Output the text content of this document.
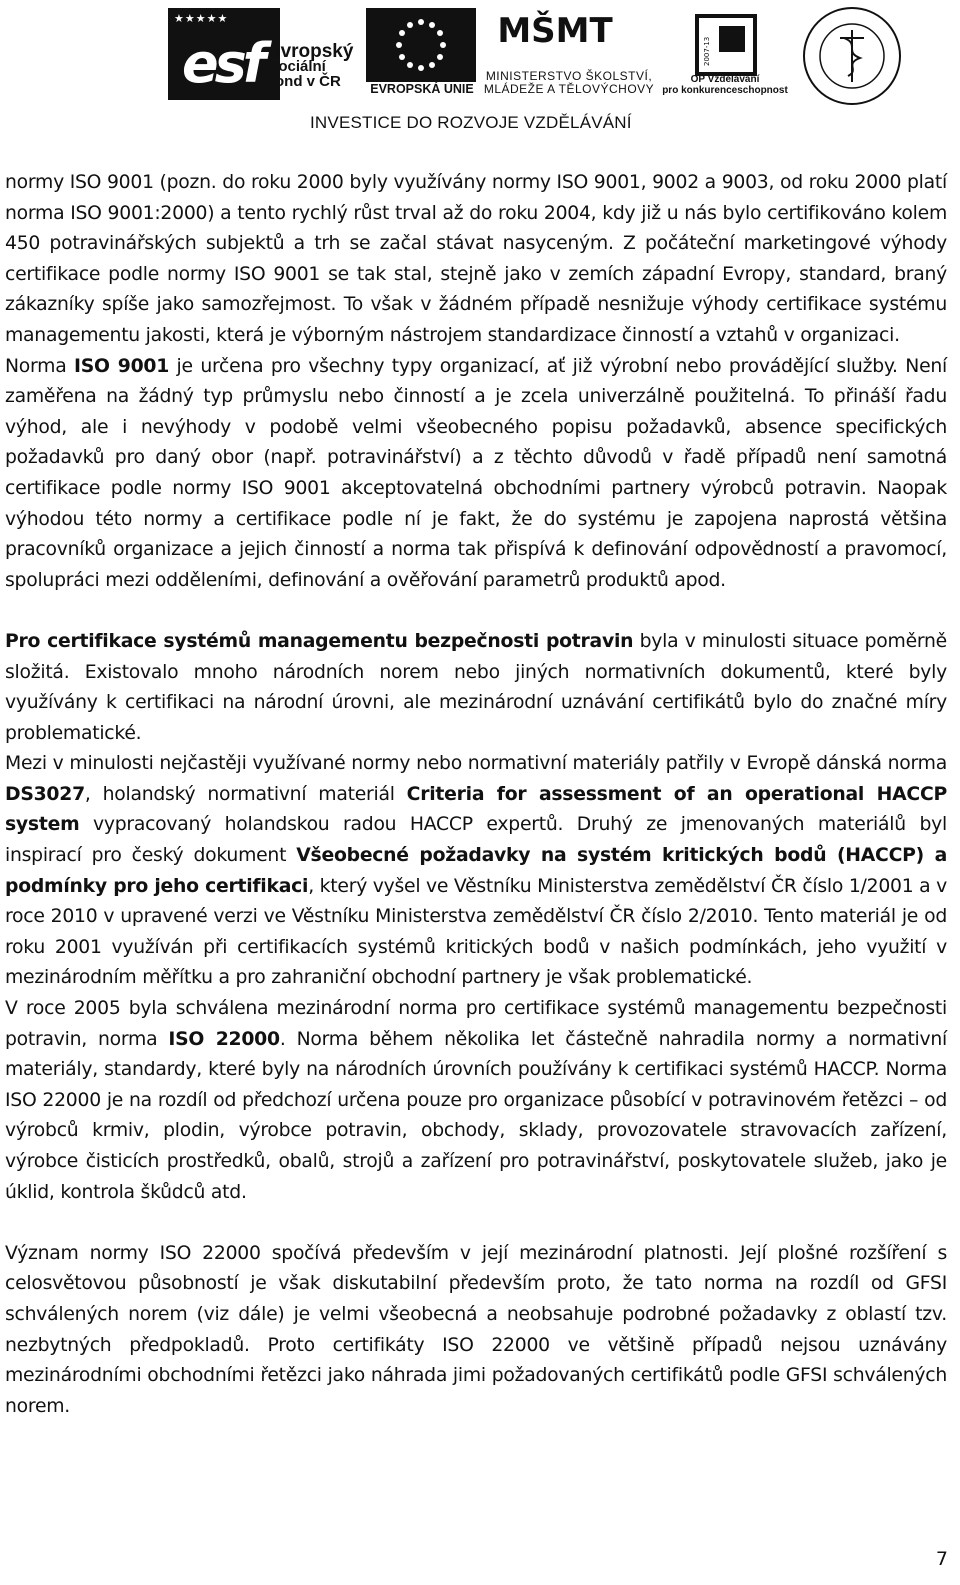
★★★★★
esf evropský
sociální
fond v ČR	EVROPSKÁ UNIE
MŠMT
MINISTERSTVO ŠKOLSTVÍ,
MLÁDEŽE A TĚLOVÝCHOVY
2007-13
OP Vzdělávání
pro konkurenceschopnost
INVESTICE DO ROZVOJE VZDĚLÁVÁNÍ

normy ISO 9001 (pozn. do roku 2000 byly využívány normy ISO 9001, 9002 a 9003, od roku 2000 platí norma ISO 9001:2000) a tento rychlý růst trval až do roku 2004, kdy již u nás bylo certifikováno kolem 450 potravinářských subjektů a trh se začal stávat nasyceným. Z počáteční marketingové výhody certifikace podle normy ISO 9001 se tak stal, stejně jako v zemích západní Evropy, standard, braný zákazníky spíše jako samozřejmost. To však v žádném případě nesnižuje výhody certifikace systému managementu jakosti, která je výborným nástrojem standardizace činností a vztahů v organizaci.

Norma ISO 9001 je určena pro všechny typy organizací, ať již výrobní nebo provádějící služby. Není zaměřena na žádný typ průmyslu nebo činností a je zcela univerzálně použitelná. To přináší řadu výhod, ale i nevýhody v podobě velmi všeobecného popisu požadavků, absence specifických požadavků pro daný obor (např. potravinářství) a z těchto důvodů v řadě případů není samotná certifikace podle normy ISO 9001 akceptovatelná obchodními partnery výrobců potravin. Naopak výhodou této normy a certifikace podle ní je fakt, že do systému je zapojena naprostá většina pracovníků organizace a jejich činností a norma tak přispívá k definování odpovědností a pravomocí, spolupráci mezi odděleními, definování a ověřování parametrů produktů apod.

Pro certifikace systémů managementu bezpečnosti potravin byla v minulosti situace poměrně složitá. Existovalo mnoho národních norem nebo jiných normativních dokumentů, které byly využívány k certifikaci na národní úrovni, ale mezinárodní uznávání certifikátů bylo do značné míry problematické.

Mezi v minulosti nejčastěji využívané normy nebo normativní materiály patřily v Evropě dánská norma DS3027, holandský normativní materiál Criteria for assessment of an operational HACCP system vypracovaný holandskou radou HACCP expertů. Druhý ze jmenovaných materiálů byl inspirací pro český dokument Všeobecné požadavky na systém kritických bodů (HACCP) a podmínky pro jeho certifikaci, který vyšel ve Věstníku Ministerstva zemědělství ČR číslo 1/2001 a v roce 2010 v upravené verzi ve Věstníku Ministerstva zemědělství ČR číslo 2/2010. Tento materiál je od roku 2001 využíván při certifikacích systémů kritických bodů v našich podmínkách, jeho využití v mezinárodním měřítku a pro zahraniční obchodní partnery je však problematické.

V roce 2005 byla schválena mezinárodní norma pro certifikace systémů managementu bezpečnosti potravin, norma ISO 22000. Norma během několika let částečně nahradila normy a normativní materiály, standardy, které byly na národních úrovních používány k certifikaci systémů HACCP. Norma ISO 22000 je na rozdíl od předchozí určena pouze pro organizace působící v potravinovém řetězci – od výrobců krmiv, plodin, výrobce potravin, obchody, sklady, provozovatele stravovacích zařízení, výrobce čisticích prostředků, obalů, strojů a zařízení pro potravinářství, poskytovatele služeb, jako je úklid, kontrola škůdců atd.

Význam normy ISO 22000 spočívá především v její mezinárodní platnosti. Její plošné rozšíření s celosvětovou působností je však diskutabilní především proto, že tato norma na rozdíl od GFSI schválených norem (viz dále) je velmi všeobecná a neobsahuje podrobné požadavky z oblastí tzv. nezbytných předpokladů. Proto certifikáty ISO 22000 ve většině případů nejsou uznávány mezinárodními obchodními řetězci jako náhrada jimi požadovaných certifikátů podle GFSI schválených norem.

7
